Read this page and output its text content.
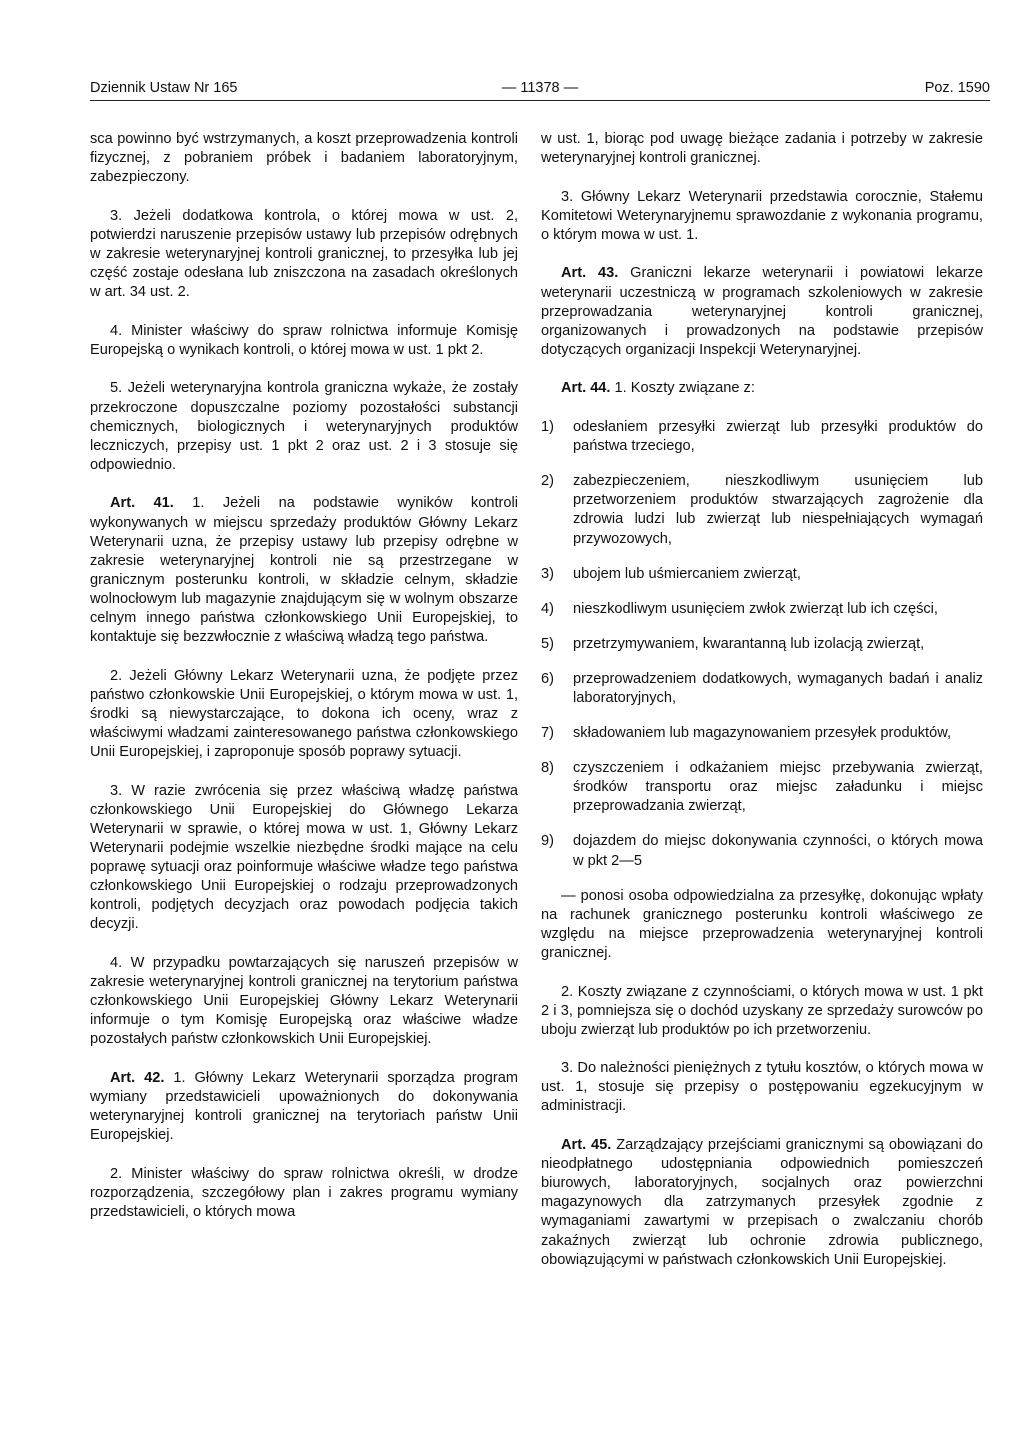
Dziennik Ustaw Nr 165	— 11378 —	Poz. 1590

sca powinno być wstrzymanych, a koszt przeprowadzenia kontroli fizycznej, z pobraniem próbek i badaniem laboratoryjnym, zabezpieczony.

3. Jeżeli dodatkowa kontrola, o której mowa w ust. 2, potwierdzi naruszenie przepisów ustawy lub przepisów odrębnych w zakresie weterynaryjnej kontroli granicznej, to przesyłka lub jej część zostaje odesłana lub zniszczona na zasadach określonych w art. 34 ust. 2.

4. Minister właściwy do spraw rolnictwa informuje Komisję Europejską o wynikach kontroli, o której mowa w ust. 1 pkt 2.

5. Jeżeli weterynaryjna kontrola graniczna wykaże, że zostały przekroczone dopuszczalne poziomy pozostałości substancji chemicznych, biologicznych i weterynaryjnych produktów leczniczych, przepisy ust. 1 pkt 2 oraz ust. 2 i 3 stosuje się odpowiednio.

Art. 41. 1. Jeżeli na podstawie wyników kontroli wykonywanych w miejscu sprzedaży produktów Główny Lekarz Weterynarii uzna, że przepisy ustawy lub przepisy odrębne w zakresie weterynaryjnej kontroli nie są przestrzegane w granicznym posterunku kontroli, w składzie celnym, składzie wolnocłowym lub magazynie znajdującym się w wolnym obszarze celnym innego państwa członkowskiego Unii Europejskiej, to kontaktuje się bezzwłocznie z właściwą władzą tego państwa.

2. Jeżeli Główny Lekarz Weterynarii uzna, że podjęte przez państwo członkowskie Unii Europejskiej, o którym mowa w ust. 1, środki są niewystarczające, to dokona ich oceny, wraz z właściwymi władzami zainteresowanego państwa członkowskiego Unii Europejskiej, i zaproponuje sposób poprawy sytuacji.

3. W razie zwrócenia się przez właściwą władzę państwa członkowskiego Unii Europejskiej do Głównego Lekarza Weterynarii w sprawie, o której mowa w ust. 1, Główny Lekarz Weterynarii podejmie wszelkie niezbędne środki mające na celu poprawę sytuacji oraz poinformuje właściwe władze tego państwa członkowskiego Unii Europejskiej o rodzaju przeprowadzonych kontroli, podjętych decyzjach oraz powodach podjęcia takich decyzji.

4. W przypadku powtarzających się naruszeń przepisów w zakresie weterynaryjnej kontroli granicznej na terytorium państwa członkowskiego Unii Europejskiej Główny Lekarz Weterynarii informuje o tym Komisję Europejską oraz właściwe władze pozostałych państw członkowskich Unii Europejskiej.

Art. 42. 1. Główny Lekarz Weterynarii sporządza program wymiany przedstawicieli upoważnionych do dokonywania weterynaryjnej kontroli granicznej na terytoriach państw Unii Europejskiej.

2. Minister właściwy do spraw rolnictwa określi, w drodze rozporządzenia, szczegółowy plan i zakres programu wymiany przedstawicieli, o których mowa

w ust. 1, biorąc pod uwagę bieżące zadania i potrzeby w zakresie weterynaryjnej kontroli granicznej.

3. Główny Lekarz Weterynarii przedstawia corocznie, Stałemu Komitetowi Weterynaryjnemu sprawozdanie z wykonania programu, o którym mowa w ust. 1.

Art. 43. Graniczni lekarze weterynarii i powiatowi lekarze weterynarii uczestniczą w programach szkoleniowych w zakresie przeprowadzania weterynaryjnej kontroli granicznej, organizowanych i prowadzonych na podstawie przepisów dotyczących organizacji Inspekcji Weterynaryjnej.

Art. 44. 1. Koszty związane z:

1) odesłaniem przesyłki zwierząt lub przesyłki produktów do państwa trzeciego,
2) zabezpieczeniem, nieszkodliwym usunięciem lub przetworzeniem produktów stwarzających zagrożenie dla zdrowia ludzi lub zwierząt lub niespełniających wymagań przywozowych,
3) ubojem lub uśmiercaniem zwierząt,
4) nieszkodliwym usunięciem zwłok zwierząt lub ich części,
5) przetrzymywaniem, kwarantanną lub izolacją zwierząt,
6) przeprowadzeniem dodatkowych, wymaganych badań i analiz laboratoryjnych,
7) składowaniem lub magazynowaniem przesyłek produktów,
8) czyszczeniem i odkażaniem miejsc przebywania zwierząt, środków transportu oraz miejsc załadunku i miejsc przeprowadzania zwierząt,
9) dojazdem do miejsc dokonywania czynności, o których mowa w pkt 2—5

— ponosi osoba odpowiedzialna za przesyłkę, dokonując wpłaty na rachunek granicznego posterunku kontroli właściwego ze względu na miejsce przeprowadzenia weterynaryjnej kontroli granicznej.

2. Koszty związane z czynnościami, o których mowa w ust. 1 pkt 2 i 3, pomniejsza się o dochód uzyskany ze sprzedaży surowców po uboju zwierząt lub produktów po ich przetworzeniu.

3. Do należności pieniężnych z tytułu kosztów, o których mowa w ust. 1, stosuje się przepisy o postępowaniu egzekucyjnym w administracji.

Art. 45. Zarządzający przejściami granicznymi są obowiązani do nieodpłatnego udostępniania odpowiednich pomieszczeń biurowych, laboratoryjnych, socjalnych oraz powierzchni magazynowych dla zatrzymanych przesyłek zgodnie z wymaganiami zawartymi w przepisach o zwalczaniu chorób zakaźnych zwierząt lub ochronie zdrowia publicznego, obowiązującymi w państwach członkowskich Unii Europejskiej.
